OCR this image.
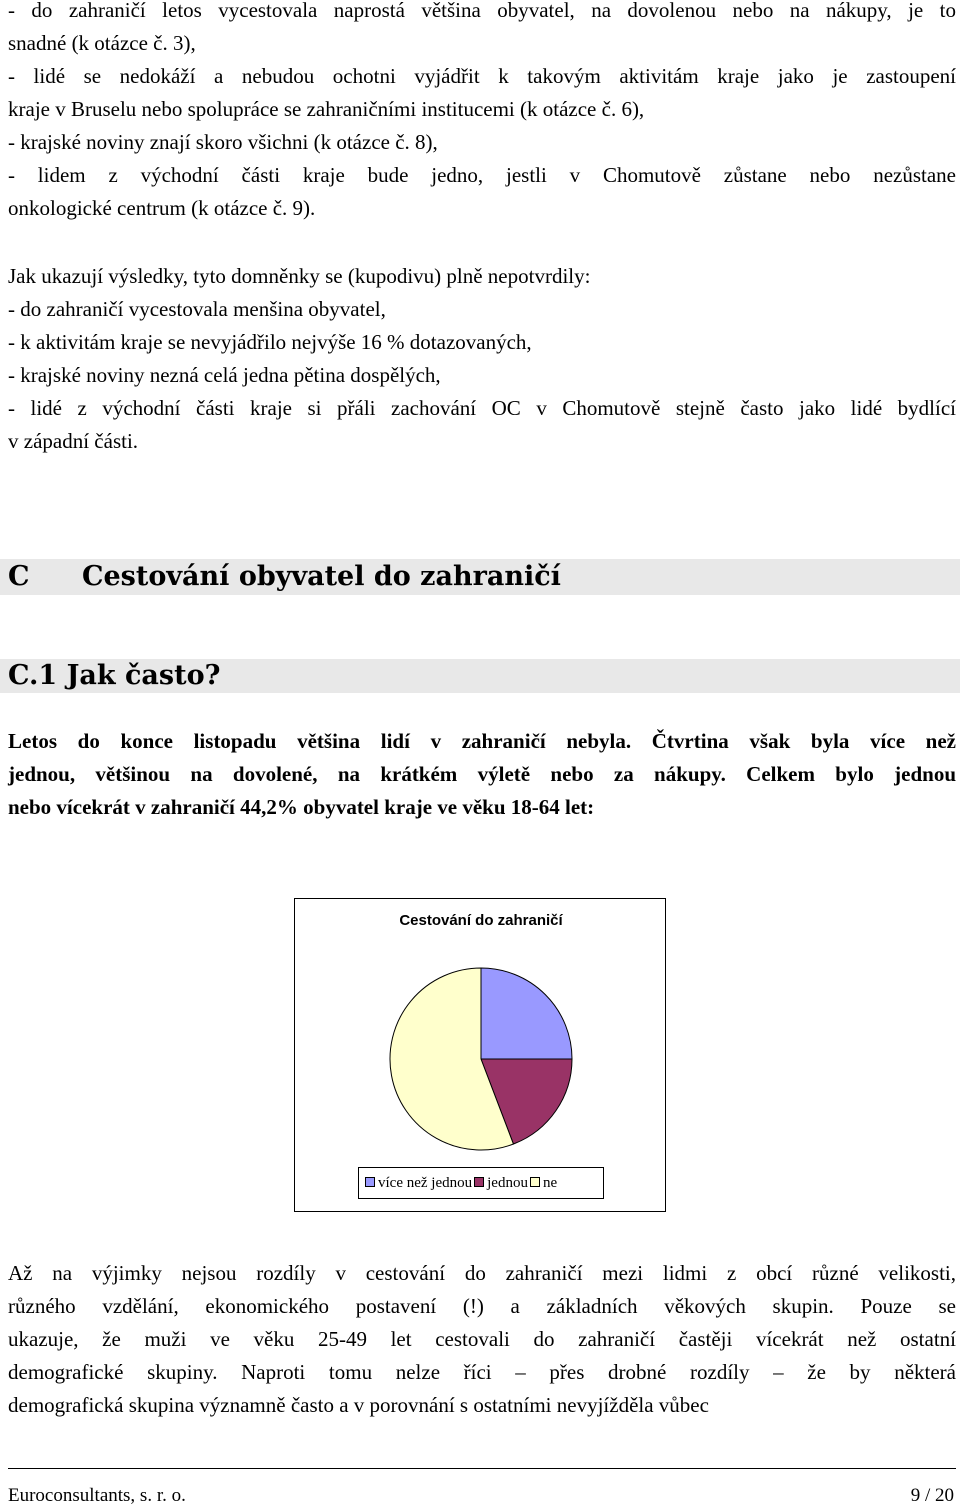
- do zahraničí letos vycestovala naprostá většina obyvatel, na dovolenou nebo na nákupy, je to
snadné (k otázce č. 3),
- lidé se nedokáží a nebudou ochotni vyjádřit k takovým aktivitám kraje jako je zastoupení
kraje v Bruselu nebo spolupráce se zahraničními institucemi (k otázce č. 6),
- krajské noviny znají skoro všichni (k otázce č. 8),
- lidem z východní části kraje bude jedno, jestli v Chomutově zůstane nebo nezůstane
onkologické centrum (k otázce č. 9).
Jak ukazují výsledky, tyto domněnky se (kupodivu) plně nepotvrdily:
- do zahraničí vycestovala menšina obyvatel,
- k aktivitám kraje se nevyjádřilo nejvýše 16 % dotazovaných,
- krajské noviny nezná celá jedna pětina dospělých,
- lidé z východní části kraje si přáli zachování OC v Chomutově stejně často jako lidé bydlící
v západní části.
C Cestování obyvatel do zahraničí
C.1 Jak často?
Letos do konce listopadu většina lidí v zahraničí nebyla. Čtvrtina však byla více než
jednou, většinou na dovolené, na krátkém výletě nebo za nákupy. Celkem bylo jednou
nebo vícekrát v zahraničí 44,2% obyvatel kraje ve věku 18-64 let:
Cestování do zahraničí
více než jednou jednou ne
Až na výjimky nejsou rozdíly v cestování do zahraničí mezi lidmi z obcí různé velikosti,
různého vzdělání, ekonomického postavení (!) a základních věkových skupin. Pouze se
ukazuje, že muži ve věku 25-49 let cestovali do zahraničí častěji vícekrát než ostatní
demografické skupiny. Naproti tomu nelze říci – přes drobné rozdíly – že by některá
demografická skupina významně často a v porovnání s ostatními nevyjížděla vůbec
Euroconsultants, s. r. o.	9 / 20
